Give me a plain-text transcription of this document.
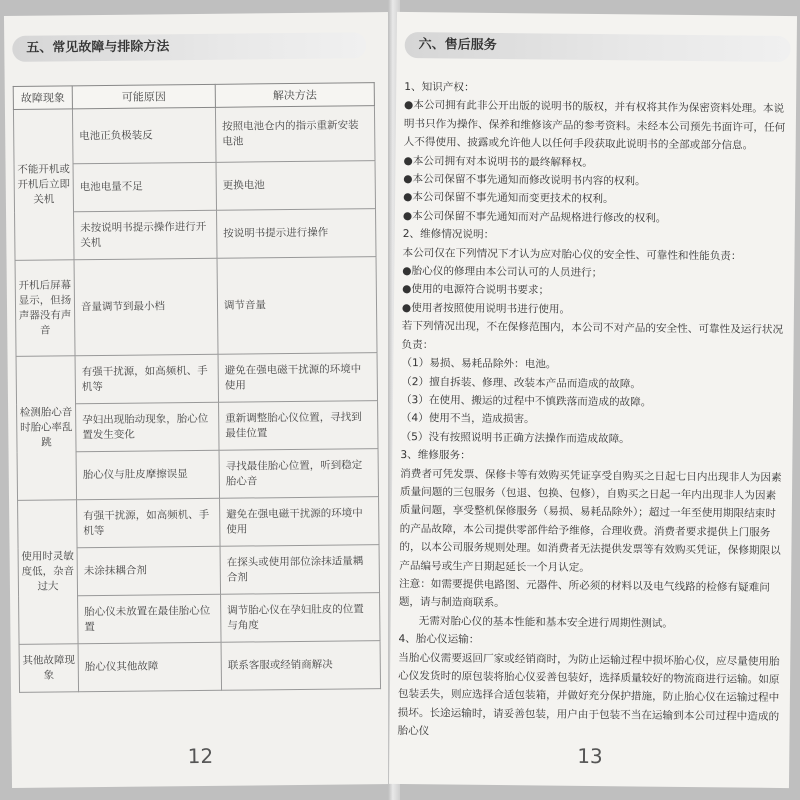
五、常见故障与排除方法
故障现象	可能原因	解决方法
不能开机或开机后立即关机	电池正负极装反	按照电池仓内的指示重新安装电池
	电池电量不足	更换电池
	未按说明书提示操作进行开关机	按说明书提示进行操作
开机后屏幕显示，但扬声器没有声音	音量调节到最小档	调节音量
检测胎心音时胎心率乱跳	有强干扰源，如高频机、手机等	避免在强电磁干扰源的环境中使用
	孕妇出现胎动现象，胎心位置发生变化	重新调整胎心仪位置，寻找到最佳位置
	胎心仪与肚皮摩擦误显	寻找最佳胎心位置，听到稳定胎心音
使用时灵敏度低，杂音过大	有强干扰源，如高频机、手机等	避免在强电磁干扰源的环境中使用
	未涂抹耦合剂	在探头或使用部位涂抹适量耦合剂
	胎心仪未放置在最佳胎心位置	调节胎心仪在孕妇肚皮的位置与角度
其他故障现象	胎心仪其他故障	联系客服或经销商解决
12
六、售后服务

1、知识产权：

●本公司拥有此非公开出版的说明书的版权，并有权将其作为保密资料处理。本说明书只作为操作、保养和维修该产品的参考资料。未经本公司预先书面许可，任何人不得使用、披露或允许他人以任何手段获取此说明书的全部或部分信息。

●本公司拥有对本说明书的最终解释权。

●本公司保留不事先通知而修改说明书内容的权利。

●本公司保留不事先通知而变更技术的权利。

●本公司保留不事先通知而对产品规格进行修改的权利。

2、维修情况说明：

本公司仅在下列情况下才认为应对胎心仪的安全性、可靠性和性能负责：

●胎心仪的修理由本公司认可的人员进行；

●使用的电源符合说明书要求；

●使用者按照使用说明书进行使用。

若下列情况出现，不在保修范围内，本公司不对产品的安全性、可靠性及运行状况负责：

（1）易损、易耗品除外：电池。

（2）擅自拆装、修理、改装本产品而造成的故障。

（3）在使用、搬运的过程中不慎跌落而造成的故障。

（4）使用不当，造成损害。

（5）没有按照说明书正确方法操作而造成故障。

3、维修服务：

消费者可凭发票、保修卡等有效购买凭证享受自购买之日起七日内出现非人为因素质量问题的三包服务（包退、包换、包修），自购买之日起一年内出现非人为因素质量问题，享受整机保修服务（易损、易耗品除外）；超过一年至使用期限结束时的产品故障，本公司提供零部件给予维修，合理收费。消费者要求提供上门服务的，以本公司服务规则处理。如消费者无法提供发票等有效购买凭证，保修期限以产品编号或生产日期起延长一个月认定。

注意：如需要提供电路图、元器件、所必须的材料以及电气线路的检修有疑难问题，请与制造商联系。

无需对胎心仪的基本性能和基本安全进行周期性测试。

4、胎心仪运输：

当胎心仪需要返回厂家或经销商时，为防止运输过程中损坏胎心仪，应尽量使用胎心仪发货时的原包装将胎心仪妥善包装好，选择质量较好的物流商进行运输。如原包装丢失，则应选择合适包装箱，并做好充分保护措施，防止胎心仪在运输过程中损坏。长途运输时，请妥善包装，用户由于包装不当在运输到本公司过程中造成的胎心仪

13
